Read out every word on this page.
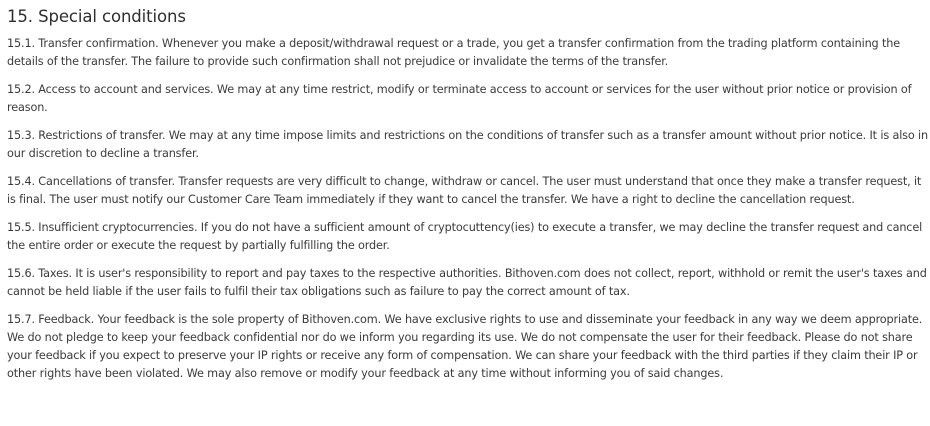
15. Special conditions

15.1. Transfer confirmation. Whenever you make a deposit/withdrawal request or a trade, you get a transfer confirmation from the trading platform containing the details of the transfer. The failure to provide such confirmation shall not prejudice or invalidate the terms of the transfer.

15.2. Access to account and services. We may at any time restrict, modify or terminate access to account or services for the user without prior notice or provision of reason.

15.3. Restrictions of transfer. We may at any time impose limits and restrictions on the conditions of transfer such as a transfer amount without prior notice. It is also in our discretion to decline a transfer.

15.4. Cancellations of transfer. Transfer requests are very difficult to change, withdraw or cancel. The user must understand that once they make a transfer request, it is final. The user must notify our Customer Care Team immediately if they want to cancel the transfer. We have a right to decline the cancellation request.

15.5. Insufficient cryptocurrencies. If you do not have a sufficient amount of cryptocuttency(ies) to execute a transfer, we may decline the transfer request and cancel the entire order or execute the request by partially fulfilling the order.

15.6. Taxes. It is user's responsibility to report and pay taxes to the respective authorities. Bithoven.com does not collect, report, withhold or remit the user's taxes and cannot be held liable if the user fails to fulfil their tax obligations such as failure to pay the correct amount of tax.

15.7. Feedback. Your feedback is the sole property of Bithoven.com. We have exclusive rights to use and disseminate your feedback in any way we deem appropriate. We do not pledge to keep your feedback confidential nor do we inform you regarding its use. We do not compensate the user for their feedback. Please do not share your feedback if you expect to preserve your IP rights or receive any form of compensation. We can share your feedback with the third parties if they claim their IP or other rights have been violated. We may also remove or modify your feedback at any time without informing you of said changes.
